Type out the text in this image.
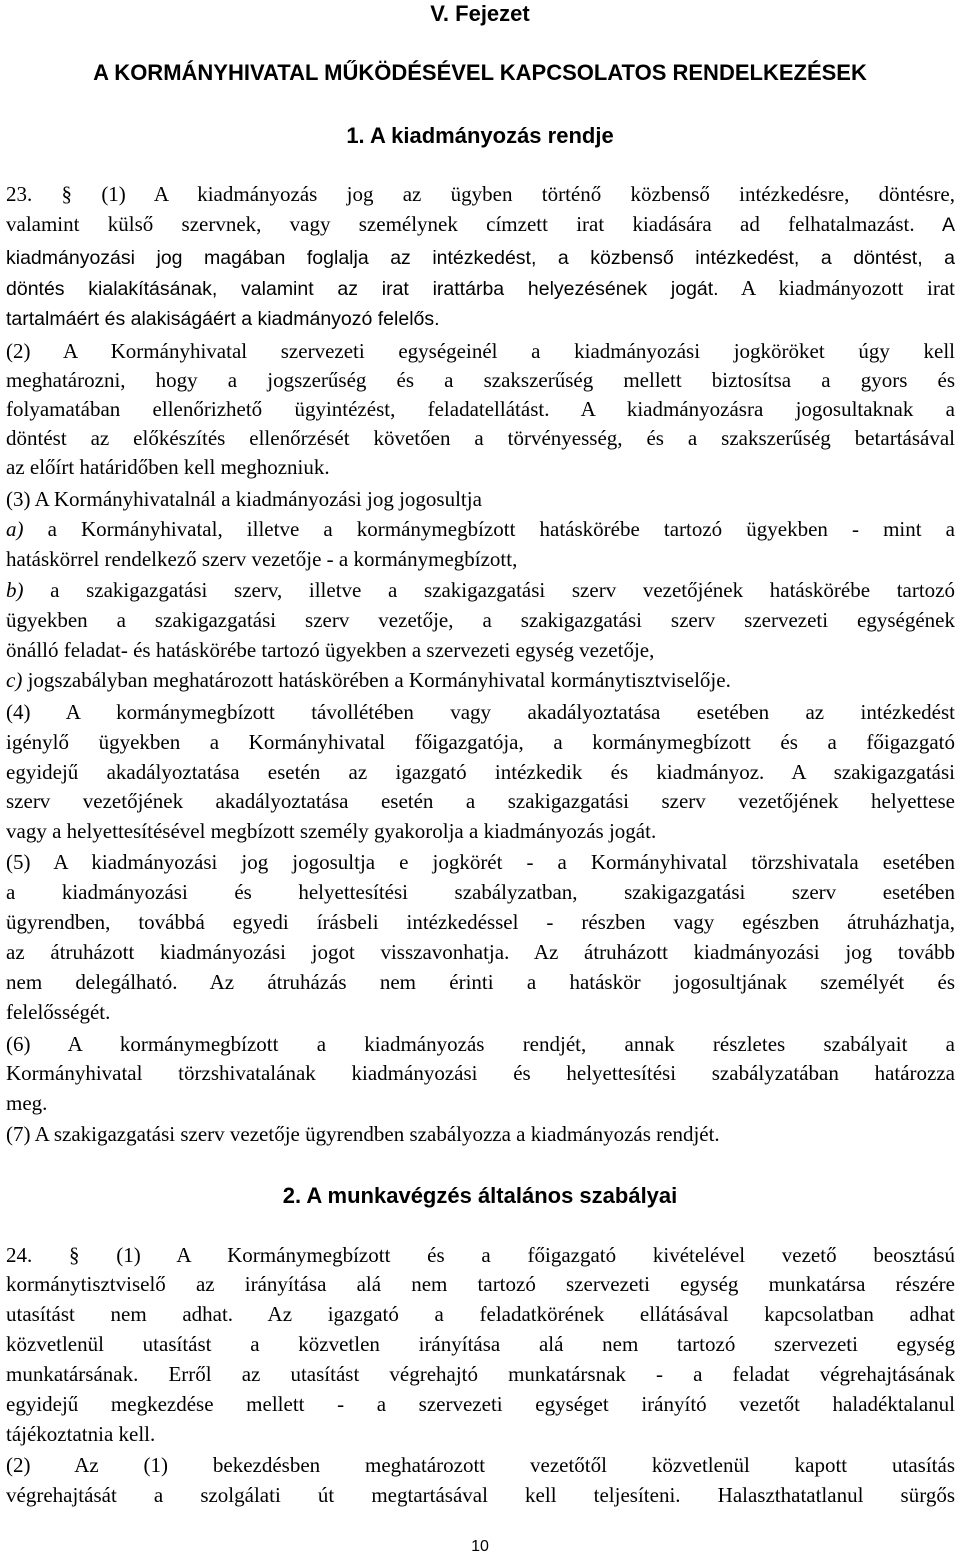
V. Fejezet
A KORMÁNYHIVATAL MŰKÖDÉSÉVEL KAPCSOLATOS RENDELKEZÉSEK
1. A kiadmányozás rendje
23. § (1) A kiadmányozás jog az ügyben történő közbenső intézkedésre, döntésre,
valamint külső szervnek, vagy személynek címzett irat kiadására ad felhatalmazást. A
kiadmányozási jog magában foglalja az intézkedést, a közbenső intézkedést, a döntést, a
döntés kialakításának, valamint az irat irattárba helyezésének jogát. A kiadmányozott irat
tartalmáért és alakiságáért a kiadmányozó felelős.
(2) A Kormányhivatal szervezeti egységeinél a kiadmányozási jogköröket úgy kell
meghatározni, hogy a jogszerűség és a szakszerűség mellett biztosítsa a gyors és
folyamatában ellenőrizhető ügyintézést, feladatellátást. A kiadmányozásra jogosultaknak a
döntést az előkészítés ellenőrzését követően a törvényesség, és a szakszerűség betartásával
az előírt határidőben kell meghozniuk.
(3) A Kormányhivatalnál a kiadmányozási jog jogosultja
a) a Kormányhivatal, illetve a kormánymegbízott hatáskörébe tartozó ügyekben - mint a
hatáskörrel rendelkező szerv vezetője - a kormánymegbízott,
b) a szakigazgatási szerv, illetve a szakigazgatási szerv vezetőjének hatáskörébe tartozó
ügyekben a szakigazgatási szerv vezetője, a szakigazgatási szerv szervezeti egységének
önálló feladat- és hatáskörébe tartozó ügyekben a szervezeti egység vezetője,
c) jogszabályban meghatározott hatáskörében a Kormányhivatal kormánytisztviselője.
(4) A kormánymegbízott távollétében vagy akadályoztatása esetében az intézkedést
igénylő ügyekben a Kormányhivatal főigazgatója, a kormánymegbízott és a főigazgató
egyidejű akadályoztatása esetén az igazgató intézkedik és kiadmányoz. A szakigazgatási
szerv vezetőjének akadályoztatása esetén a szakigazgatási szerv vezetőjének helyettese
vagy a helyettesítésével megbízott személy gyakorolja a kiadmányozás jogát.
(5) A kiadmányozási jog jogosultja e jogkörét - a Kormányhivatal törzshivatala esetében
a kiadmányozási és helyettesítési szabályzatban, szakigazgatási szerv esetében
ügyrendben, továbbá egyedi írásbeli intézkedéssel - részben vagy egészben átruházhatja,
az átruházott kiadmányozási jogot visszavonhatja. Az átruházott kiadmányozási jog tovább
nem delegálható. Az átruházás nem érinti a hatáskör jogosultjának személyét és
felelősségét.
(6) A kormánymegbízott a kiadmányozás rendjét, annak részletes szabályait a
Kormányhivatal törzshivatalának kiadmányozási és helyettesítési szabályzatában határozza
meg.
(7) A szakigazgatási szerv vezetője ügyrendben szabályozza a kiadmányozás rendjét.
2. A munkavégzés általános szabályai
24. § (1) A Kormánymegbízott és a főigazgató kivételével vezető beosztású
kormánytisztviselő az irányítása alá nem tartozó szervezeti egység munkatársa részére
utasítást nem adhat. Az igazgató a feladatkörének ellátásával kapcsolatban adhat
közvetlenül utasítást a közvetlen irányítása alá nem tartozó szervezeti egység
munkatársának. Erről az utasítást végrehajtó munkatársnak - a feladat végrehajtásának
egyidejű megkezdése mellett - a szervezeti egységet irányító vezetőt haladéktalanul
tájékoztatnia kell.
(2) Az (1) bekezdésben meghatározott vezetőtől közvetlenül kapott utasítás
végrehajtását a szolgálati út megtartásával kell teljesíteni. Halaszthatatlanul sürgős
10
